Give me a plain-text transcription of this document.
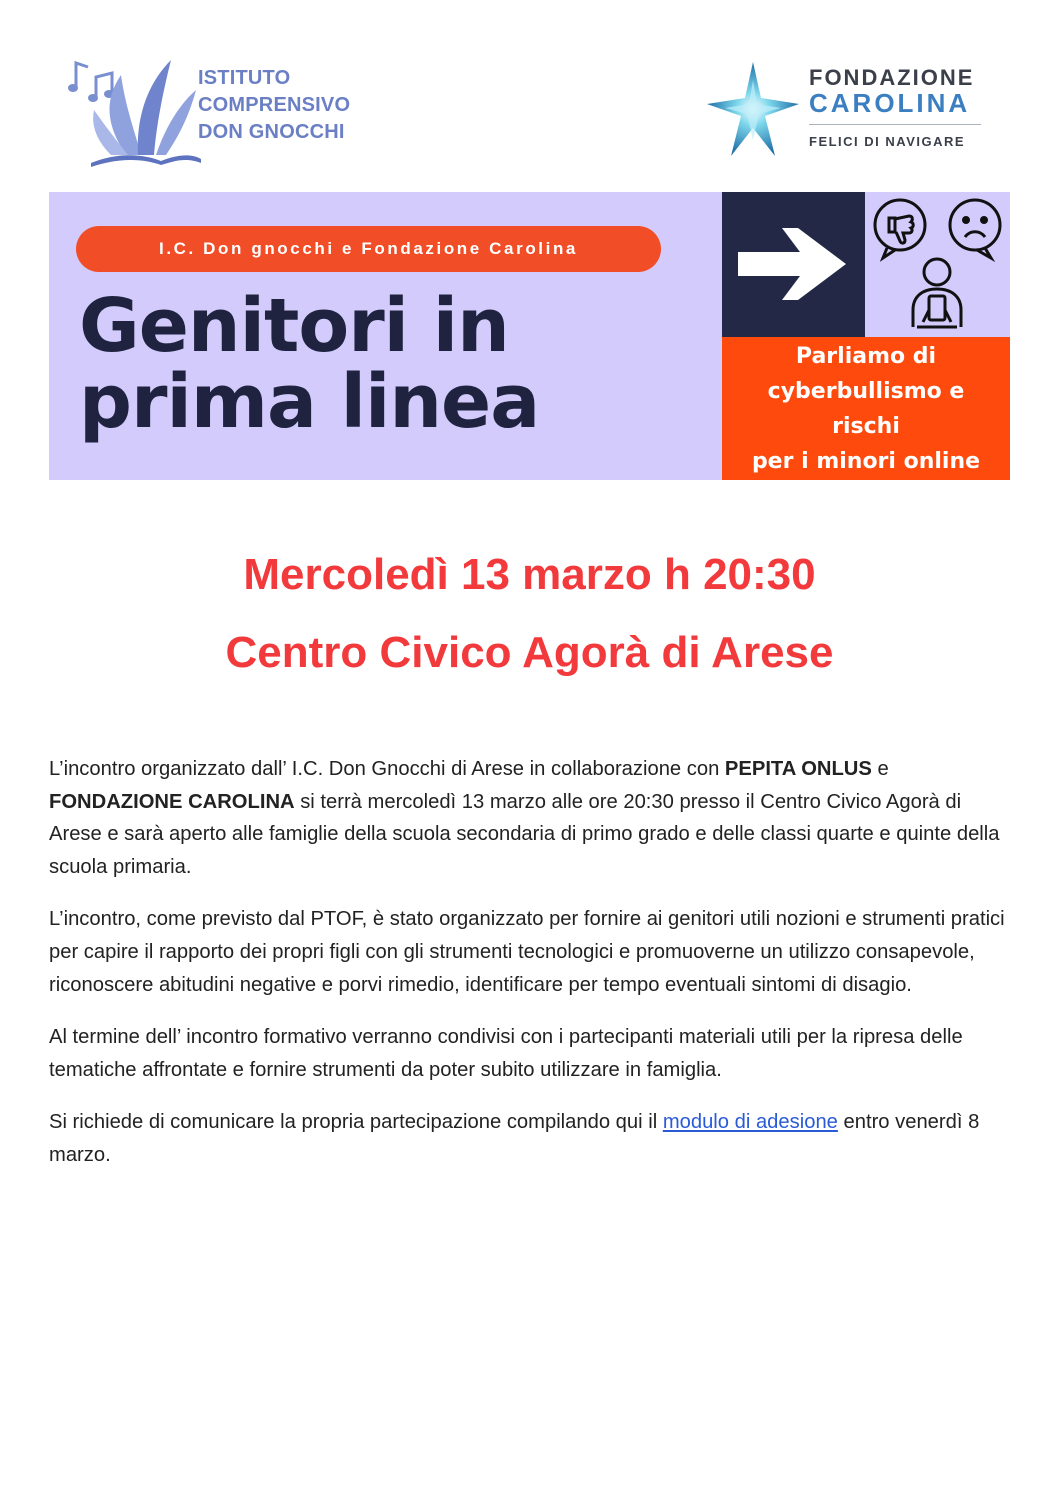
ISTITUTO
COMPRENSIVO
DON GNOCCHI
FONDAZIONE
CAROLINA
FELICI DI NAVIGARE
I.C. Don gnocchi e Fondazione Carolina
Genitori in
prima linea
Parliamo di
cyberbullismo e rischi
per i minori online
Mercoledì 13 marzo h 20:30
Centro Civico Agorà di Arese

L’incontro organizzato dall’ I.C. Don Gnocchi di Arese in collaborazione con PEPITA ONLUS e FONDAZIONE CAROLINA si terrà mercoledì 13 marzo alle ore 20:30 presso il Centro Civico Agorà di Arese e sarà aperto alle famiglie della scuola secondaria di primo grado e delle classi quarte e quinte della scuola primaria.

L’incontro, come previsto dal PTOF, è stato organizzato per fornire ai genitori utili nozioni e strumenti pratici per capire il rapporto dei propri figli con gli strumenti tecnologici e promuoverne un utilizzo consapevole, riconoscere abitudini negative e porvi rimedio, identificare per tempo eventuali sintomi di disagio.

Al termine dell’ incontro formativo verranno condivisi con i partecipanti materiali utili per la ripresa delle tematiche affrontate e fornire strumenti da poter subito utilizzare in famiglia.

Si richiede di comunicare la propria partecipazione compilando qui il modulo di adesione entro venerdì 8 marzo.
